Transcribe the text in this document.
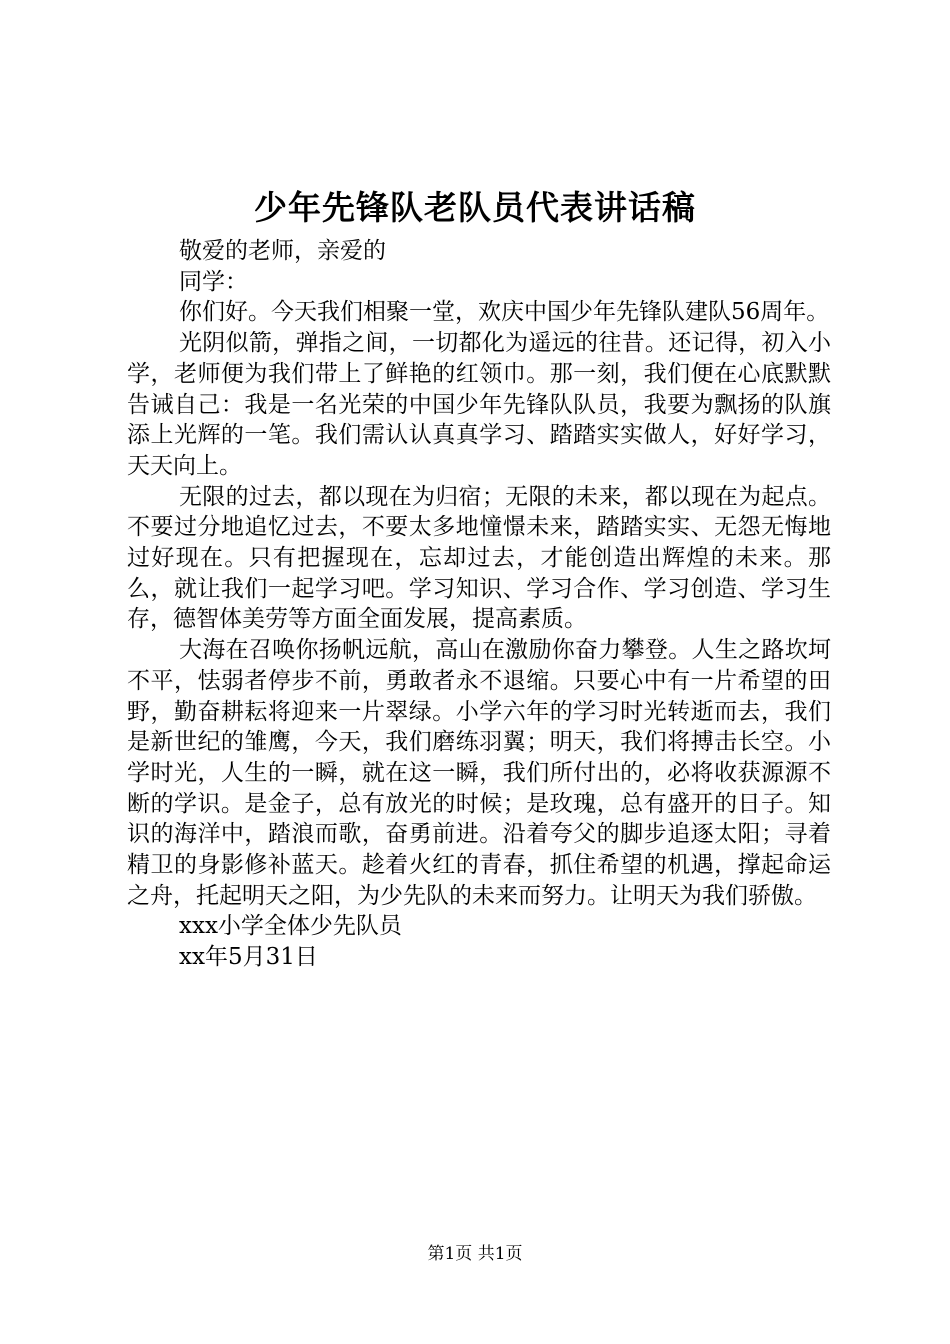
少年先锋队老队员代表讲话稿

敬爱的老师，亲爱的

同学：

你们好。今天我们相聚一堂，欢庆中国少年先锋队建队56周年。

光阴似箭，弹指之间，一切都化为遥远的往昔。还记得，初入小学，老师便为我们带上了鲜艳的红领巾。那一刻，我们便在心底默默告诫自己：我是一名光荣的中国少年先锋队队员，我要为飘扬的队旗添上光辉的一笔。我们需认认真真学习、踏踏实实做人，好好学习，天天向上。

无限的过去，都以现在为归宿；无限的未来，都以现在为起点。不要过分地追忆过去，不要太多地憧憬未来，踏踏实实、无怨无悔地过好现在。只有把握现在，忘却过去，才能创造出辉煌的未来。那么，就让我们一起学习吧。学习知识、学习合作、学习创造、学习生存，德智体美劳等方面全面发展，提高素质。

大海在召唤你扬帆远航，高山在激励你奋力攀登。人生之路坎坷不平，怯弱者停步不前，勇敢者永不退缩。只要心中有一片希望的田野，勤奋耕耘将迎来一片翠绿。小学六年的学习时光转逝而去，我们是新世纪的雏鹰，今天，我们磨练羽翼；明天，我们将搏击长空。小学时光，人生的一瞬，就在这一瞬，我们所付出的，必将收获源源不断的学识。是金子，总有放光的时候；是玫瑰，总有盛开的日子。知识的海洋中，踏浪而歌，奋勇前进。沿着夸父的脚步追逐太阳；寻着精卫的身影修补蓝天。趁着火红的青春，抓住希望的机遇，撑起命运之舟，托起明天之阳，为少先队的未来而努力。让明天为我们骄傲。

xxx小学全体少先队员

xx年5月31日

第1页 共1页
